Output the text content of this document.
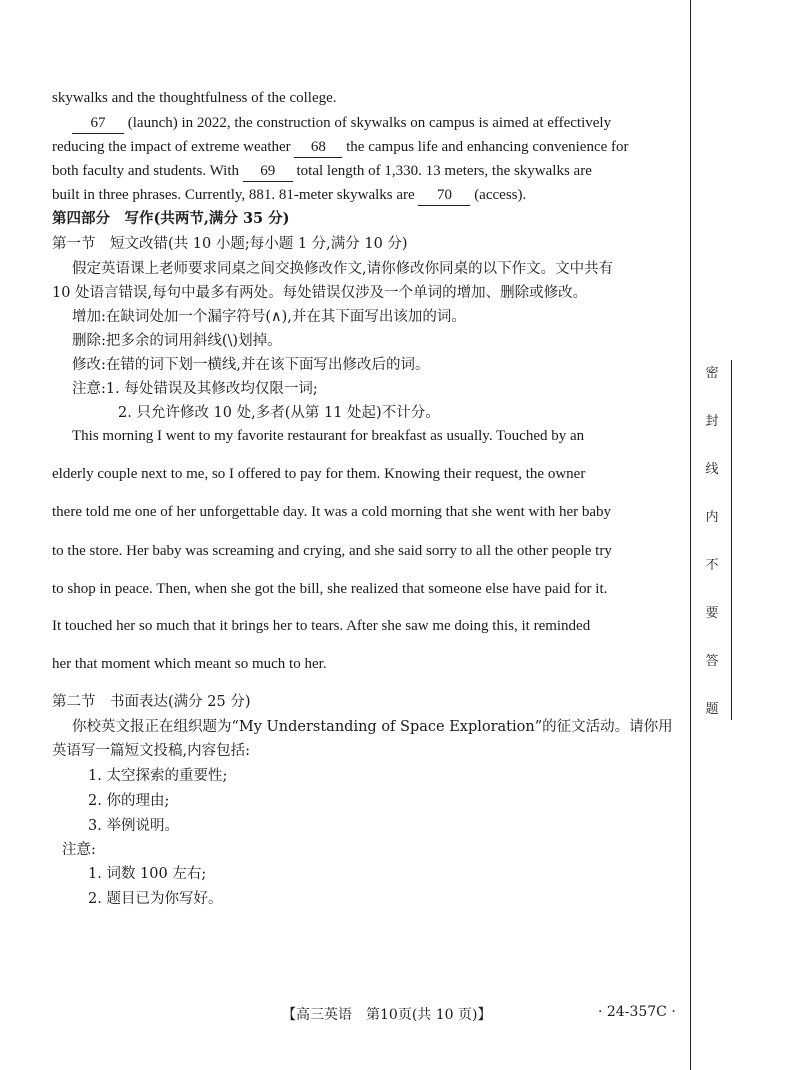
skywalks and the thoughtfulness of the college.
67 (launch) in 2022, the construction of skywalks on campus is aimed at effectively
reducing the impact of extreme weather 68 the campus life and enhancing convenience for
both faculty and students. With 69 total length of 1,330. 13 meters, the skywalks are
built in three phrases. Currently, 881. 81-meter skywalks are 70 (access).
第四部分　写作(共两节,满分 35 分)
第一节　短文改错(共 10 小题;每小题 1 分,满分 10 分)
假定英语课上老师要求同桌之间交换修改作文,请你修改你同桌的以下作文。文中共有
10 处语言错误,每句中最多有两处。每处错误仅涉及一个单词的增加、删除或修改。
增加:在缺词处加一个漏字符号(∧),并在其下面写出该加的词。
删除:把多余的词用斜线(\)划掉。
修改:在错的词下划一横线,并在该下面写出修改后的词。
注意:1. 每处错误及其修改均仅限一词;
2. 只允许修改 10 处,多者(从第 11 处起)不计分。
This morning I went to my favorite restaurant for breakfast as usually. Touched by an
elderly couple next to me, so I offered to pay for them. Knowing their request, the owner
there told me one of her unforgettable day. It was a cold morning that she went with her baby
to the store. Her baby was screaming and crying, and she said sorry to all the other people try
to shop in peace. Then, when she got the bill, she realized that someone else have paid for it.
It touched her so much that it brings her to tears. After she saw me doing this, it reminded
her that moment which meant so much to her.
第二节　书面表达(满分 25 分)
你校英文报正在组织题为“My Understanding of Space Exploration”的征文活动。请你用
英语写一篇短文投稿,内容包括:
1. 太空探索的重要性;
2. 你的理由;
3. 举例说明。
注意:
1. 词数 100 左右;
2. 题目已为你写好。
【高三英语　第10页(共 10 页)】	· 24-357C ·
密
封
线
内
不
要
答
题
